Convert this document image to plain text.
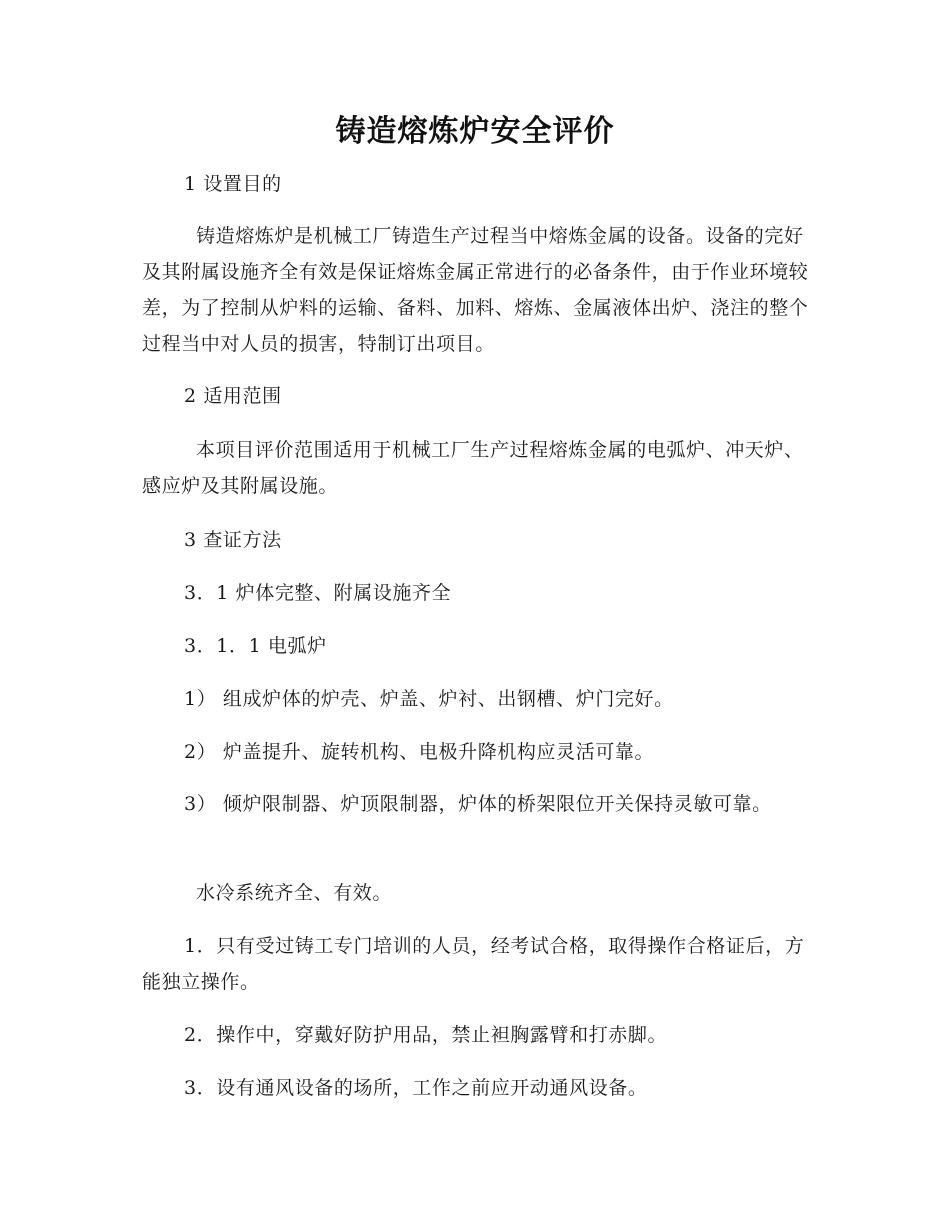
铸造熔炼炉安全评价

1 设置目的

铸造熔炼炉是机械工厂铸造生产过程当中熔炼金属的设备。设备的完好及其附属设施齐全有效是保证熔炼金属正常进行的必备条件，由于作业环境较差，为了控制从炉料的运输、备料、加料、熔炼、金属液体出炉、浇注的整个过程当中对人员的损害，特制订出项目。

2 适用范围

本项目评价范围适用于机械工厂生产过程熔炼金属的电弧炉、冲天炉、感应炉及其附属设施。

3 查证方法

3．1 炉体完整、附属设施齐全

3．1．1 电弧炉

1） 组成炉体的炉壳、炉盖、炉衬、出钢槽、炉门完好。

2） 炉盖提升、旋转机构、电极升降机构应灵活可靠。

3） 倾炉限制器、炉顶限制器，炉体的桥架限位开关保持灵敏可靠。

水冷系统齐全、有效。

1．只有受过铸工专门培训的人员，经考试合格，取得操作合格证后，方能独立操作。

2．操作中，穿戴好防护用品，禁止袒胸露臂和打赤脚。

3．设有通风设备的场所，工作之前应开动通风设备。
